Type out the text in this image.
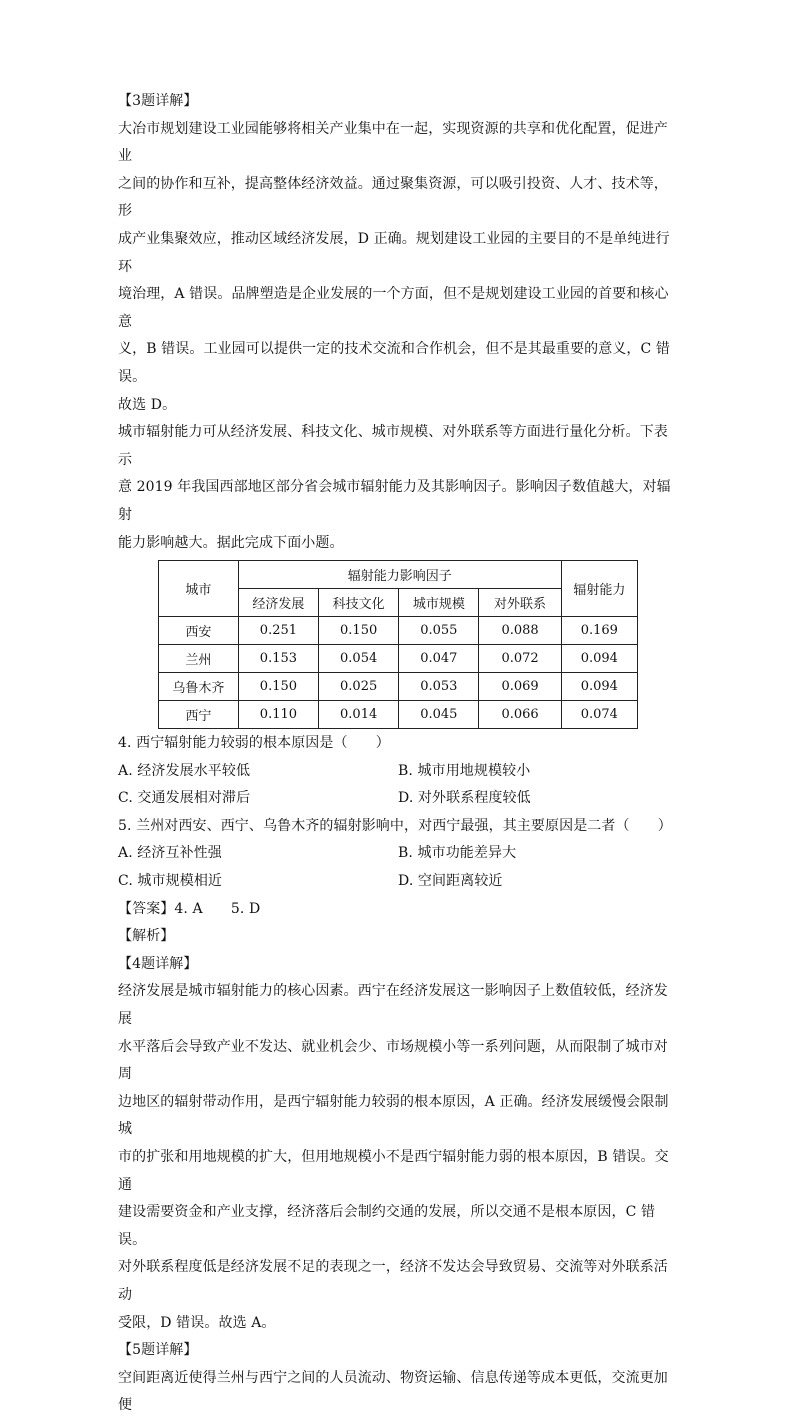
【3题详解】

大冶市规划建设工业园能够将相关产业集中在一起，实现资源的共享和优化配置，促进产业

之间的协作和互补，提高整体经济效益。通过聚集资源，可以吸引投资、人才、技术等，形

成产业集聚效应，推动区域经济发展，D 正确。规划建设工业园的主要目的不是单纯进行环

境治理，A 错误。品牌塑造是企业发展的一个方面，但不是规划建设工业园的首要和核心意

义，B 错误。工业园可以提供一定的技术交流和合作机会，但不是其最重要的意义，C 错误。

故选 D。

城市辐射能力可从经济发展、科技文化、城市规模、对外联系等方面进行量化分析。下表示

意 2019 年我国西部地区部分省会城市辐射能力及其影响因子。影响因子数值越大，对辐射

能力影响越大。据此完成下面小题。

城市	辐射能力影响因子				辐射能力
	经济发展	科技文化	城市规模	对外联系	
西安	0.251	0.150	0.055	0.088	0.169
兰州	0.153	0.054	0.047	0.072	0.094
乌鲁木齐	0.150	0.025	0.053	0.069	0.094
西宁	0.110	0.014	0.045	0.066	0.074

4. 西宁辐射能力较弱的根本原因是（　　）

A. 经济发展水平较低	B. 城市用地规模较小

C. 交通发展相对滞后	D. 对外联系程度较低

5. 兰州对西安、西宁、乌鲁木齐的辐射影响中，对西宁最强，其主要原因是二者（　　）

A. 经济互补性强	B. 城市功能差异大

C. 城市规模相近	D. 空间距离较近

【答案】4. A　　5. D

【解析】

【4题详解】

经济发展是城市辐射能力的核心因素。西宁在经济发展这一影响因子上数值较低，经济发展

水平落后会导致产业不发达、就业机会少、市场规模小等一系列问题，从而限制了城市对周

边地区的辐射带动作用，是西宁辐射能力较弱的根本原因，A 正确。经济发展缓慢会限制城

市的扩张和用地规模的扩大，但用地规模小不是西宁辐射能力弱的根本原因，B 错误。交通

建设需要资金和产业支撑，经济落后会制约交通的发展，所以交通不是根本原因，C 错误。

对外联系程度低是经济发展不足的表现之一，经济不发达会导致贸易、交流等对外联系活动

受限，D 错误。故选 A。

【5题详解】

空间距离近使得兰州与西宁之间的人员流动、物资运输、信息传递等成本更低，交流更加便
